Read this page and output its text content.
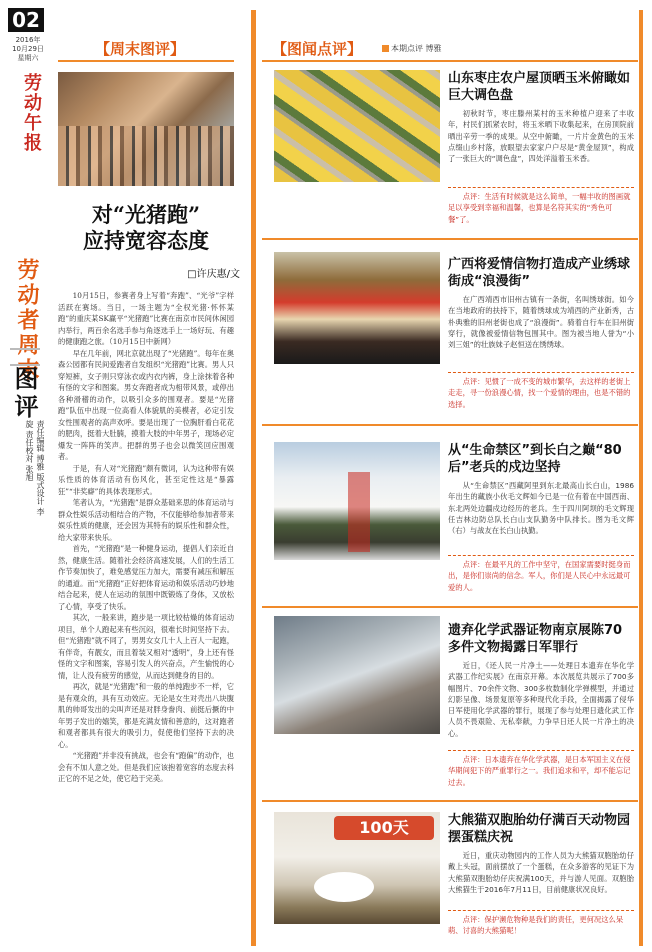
02
2016年
10月29日
星期六
劳动午报
劳动者周末
图评
责任编辑 博雅 版式设计 李旋 责任校对 张旭
【周末图评】
对“光猪跑”
应持宽容态度
□许庆惠/文

10月15日，参赛者身上写着“奔跑”、“光爷”字样活跃在赛场。当日，一场主题为“全权光猪·怀怀某跑”的重庆某SK赢平“光猪跑”比赛在南京市民间休闲园内举行，两百余名选手参与角逐选手上一场好玩、有趣的健康跑之旅。（10月15日中新网）

早在几年前，网北京就出现了“光猪跑”。每年在奥森公园都有民间爱跑者自发组织“光猪跑”比赛。男人只穿短裤，女子则只穿泳衣或内衣内裤，身上涂抹着各种有怪的文字和图案。男女奔跑者成为相带风景，或停出各种滑稽的动作，以吸引众多的围观者。要是“光猪跑”队伍中出现一位高看人体貌肌的美模者，必定引发女性围观者的高声欢呼。要是出现了一位胸肝看白花花的肥肉，挺着大肚腩，摸着大肢的中年男子，现场必定爆发一阵阵的笑声。把群的男子也会以微笑回应围观者。

于是，有人对“光猪跑”颇有微词，认为这种带有娱乐性质的体育活动有伤风化，甚至定性这是“暴露狂”“非奖癖”的具体表现形式。

笔者认为，“光猪跑”是群众基础来思的体育运动与群众性娱乐活动相结合的产物，不仅能够给参加者带来娱乐性质的健康，还会因为其特有的娱乐性和群众性，给大家带来快乐。

首先，“光猪跑”是一种健身运动，提倡人们亲近自然，健康生活。随着社会经济高速发展，人们的生活工作节奏加快了，难免感觉压力加大，需要有减压和解压的通道。而“光猪跑”正好把体育运动和娱乐活动巧妙地结合起来，使人在运动的氛围中既锻炼了身体，又放松了心情，享受了快乐。

其次，一般来讲，跑步是一项比较枯燥的体育运动项目，单个人跑起来有些沉闷，很难长时间坚持下去。但“光猪跑”就不同了，男男女女几十人上百人一起跑，有伴奇，有靓女，而且着装又相对“透明”，身上还有怪怪的文字和图案，容易引发人的兴奋点，产生愉悦的心情，让人没有疲劳的感觉，从而达到健身的目的。

再次，就是“光猪跑”和一般的单纯跑步不一样，它是有观众的，具有互动效应。无论是女生对壳出八块腹肌的帅哥发出的尖叫声还是对胖身誊肉、前挺后撅的中年男子发出的嬉笑，都是充满友情和善意的，这对跑者和观者都具有很大的吸引力，促使他们坚持下去的决心。

“光猪跑”并非没有挑战，也会有“跑偏”的动作，也会有不加人意之处。但是我们应该抱着宽容的态度去科正它的不足之处，使它趋于完美。

【图闻点评】	本期点评 博雅
山东枣庄农户屋顶晒玉米俯瞰如巨大调色盘

初秋时节，枣庄滕州某村的玉米种植户迎来了丰收年，村民们抓紧农时，将玉米晒下收集起来，在房顶院前晒出辛劳一季的成果。从空中俯瞰，一片片金黄色的玉米点缀山乡村落，放眼望去家家户户尽是“黄金屋顶”，构成了一张巨大的“调色盘”，四处洋溢着玉米香。

点评：生活有时候就是这么简单，一幅丰收的图画就足以享受到幸福和温馨，也算是名符其实的“秀色可餐”了。

广西将爱情信物打造成产业绣球街成“浪漫街”

在广西靖西市旧州古镇有一条街，名叫绣球街。如今在当地政府的扶持下，随着绣球成为靖西的产业新秀，古朴典雅的旧州老街也成了“浪漫街”。骑着自行车在旧州街穿行，就像被爱情信物包围其中。图为被当地人誉为“小刘三姐”的壮族妹子赵恒送在绣绣球。

点评：见惯了一成不变的城市繁华，去这样的老街上走走，寻一份浪漫心情，找一个爱情的理由，也是不错的选择。

从“生命禁区”到长白之巅“80后”老兵的戍边坚持

从“生命禁区”西藏阿里到东北最高山长白山，1986年出生的藏族小伙毛文辉如今已是一位有着在中国西南、东北两处边疆戍边经历的老兵。生于四川阿坝的毛文辉现任吉林边防总队长白山支队勤务中队排长。图为毛文辉（右）与战友在长白山执勤。

点评：在最平凡的工作中坚守，在国家需要时挺身而出，是你们崇尚的信念。军人，你们是人民心中永远最可爱的人。

遗弃化学武器证物南京展陈70多件文物揭露日军罪行

近日，《还人民一片净土——处理日本遗弃在华化学武器工作纪实展》在南京开幕。本次展览共展示了700多幅图片、70余件文物、300多枚数制化学弹模型，并通过幻影呈像、场景复原等多种现代化手段，全面揭露了侵华日军使用化学武器的罪行，展现了参与处理日遗化武工作人员不畏艰险、无私奉献，力争早日还人民一片净土的决心。

点评：日本遗弃在华化学武器，是日本军国主义在侵华期间犯下的严重罪行之一。我们追求和平，却不能忘记过去。

100天	大熊猫双胞胎幼仔满百天动物园摆蛋糕庆祝

近日，重庆动物园内的工作人员为大熊猫双胞胎幼仔戴上头冠，面前摆放了一个蛋糕，在众多游客的见证下为大熊猫双胞胎幼仔庆祝满100天，并与游人见面。双胞胎大熊猫生于2016年7月11日，目前健康状况良好。

点评：保护濒危物种是我们的责任，更何况这么呆萌、讨喜的大熊猫呢！
